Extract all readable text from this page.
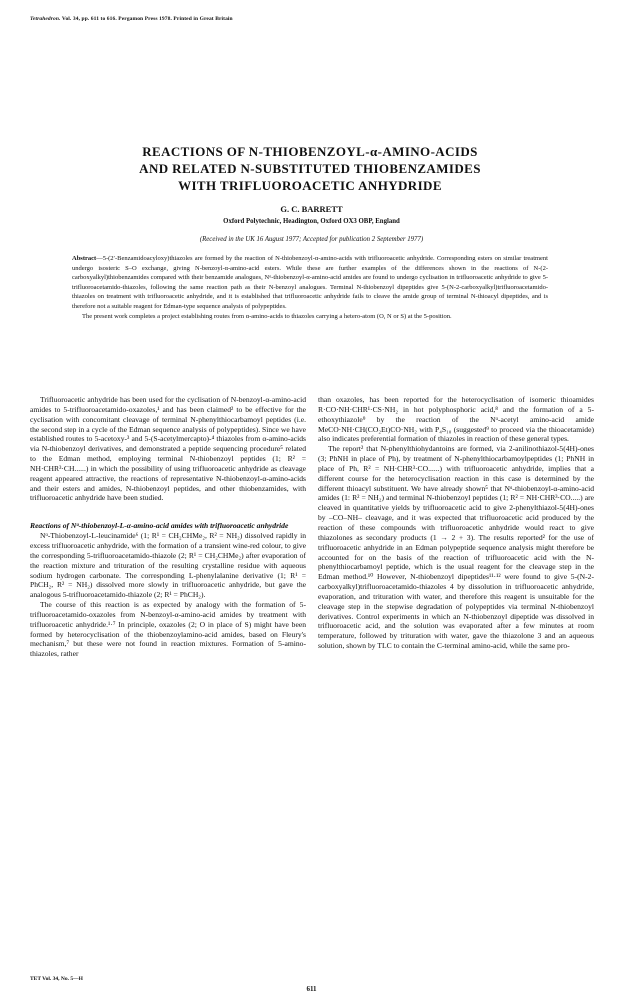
Tetrahedron. Vol. 34, pp. 611 to 616. Pergamon Press 1978. Printed in Great Britain
REACTIONS OF N-THIOBENZOYL-α-AMINO-ACIDS
AND RELATED N-SUBSTITUTED THIOBENZAMIDES
WITH TRIFLUOROACETIC ANHYDRIDE
G. C. BARRETT
Oxford Polytechnic, Headington, Oxford OX3 OBP, England
(Received in the UK 16 August 1977; Accepted for publication 2 September 1977)

Abstract—5-(2′-Benzamidoacyloxy)thiazoles are formed by the reaction of N-thiobenzoyl-α-amino-acids with trifluoroacetic anhydride. Corresponding esters on similar treatment undergo isosteric S–O exchange, giving N-benzoyl-α-amino-acid esters. While these are further examples of the differences shown in the reactions of N-(2-carboxyalkyl)thiobenzamides compared with their benzamide analogues, Nᵅ-thiobenzoyl-α-amino-acid amides are found to undergo cyclisation in trifluoroacetic anhydride to give 5-trifluoroacetamido-thiazoles, following the same reaction path as their N-benzoyl analogues. Terminal N-thiobenzoyl dipeptides give 5-(N-2-carboxyalkyl)trifluoroacetamido-thiazoles on treatment with trifluoroacetic anhydride, and it is established that trifluoroacetic anhydride fails to cleave the amide group of terminal N-thioacyl dipeptides, and is therefore not a suitable reagent for Edman-type sequence analysis of polypeptides.

The present work completes a project establishing routes from α-amino-acids to thiazoles carrying a hetero-atom (O, N or S) at the 5-position.

Trifluoroacetic anhydride has been used for the cyclisation of N-benzoyl-α-amino-acid amides to 5-trifluoroacetamido-oxazoles,¹ and has been claimed² to be effective for the cyclisation with concomitant cleavage of terminal N-phenylthiocarbamoyl peptides (i.e. the second step in a cycle of the Edman sequence analysis of polypeptides). Since we have established routes to 5-acetoxy-³ and 5-(S-acetylmercapto)-⁴ thiazoles from α-amino-acids via N-thiobenzoyl derivatives, and demonstrated a peptide sequencing procedure⁵ related to the Edman method, employing terminal N-thiobenzoyl peptides (1; R² = NH·CHR³·CH......) in which the possibility of using trifluoroacetic anhydride as cleavage reagent appeared attractive, the reactions of representative N-thiobenzoyl-α-amino-acids and their esters and amides, N-thiobenzoyl peptides, and other thiobenzamides, with trifluoroacetic anhydride have been studied.

Reactions of Nᵅ-thiobenzoyl-L-α-amino-acid amides with trifluoroacetic anhydride

Nᵅ-Thiobenzoyl-L-leucinamide⁶ (1; R¹ = CH₂CHMe₂, R² = NH₂) dissolved rapidly in excess trifluoroacetic anhydride, with the formation of a transient wine-red colour, to give the corresponding 5-trifluoroacetamido-thiazole (2; R¹ = CH₂CHMe₂) after evaporation of the reaction mixture and trituration of the resulting crystalline residue with aqueous sodium hydrogen carbonate. The corresponding L-phenylalanine derivative (1; R¹ = PhCH₂, R² = NH₂) dissolved more slowly in trifluoroacetic anhydride, but gave the analogous 5-trifluoroacetamido-thiazole (2; R¹ = PhCH₂).

The course of this reaction is as expected by analogy with the formation of 5-trifluoroacetamido-oxazoles from N-benzoyl-α-amino-acid amides by treatment with trifluoroacetic anhydride.¹·⁷ In principle, oxazoles (2; O in place of S) might have been formed by heterocyclisation of the thiobenzoylamino-acid amides, based on Fleury's mechanism,⁷ but these were not found in reaction mixtures. Formation of 5-amino-thiazoles, rather

than oxazoles, has been reported for the heterocyclisation of isomeric thioamides R·CO·NH·CHR¹·CS·NH₂ in hot polyphosphoric acid,⁸ and the formation of a 5-ethoxythiazole⁹ by the reaction of the Nᵅ-acetyl amino-acid amide MeCO·NH·CH(CO₂Et)CO·NH₂ with P₄S₁₀ (suggested⁹ to proceed via the thioacetamide) also indicates preferential formation of thiazoles in reaction of these general types.

The report² that N-phenylthiohydantoins are formed, via 2-anilinothiazol-5(4H)-ones (3; PhNH in place of Ph), by treatment of N-phenylthiocarbamoylpeptides (1; PhNH in place of Ph, R² = NH·CHR³·CO......) with trifluoroacetic anhydride, implies that a different course for the heterocyclisation reaction in this case is determined by the different thioacyl substituent. We have already shown⁵ that Nᵅ-thiobenzoyl-α-amino-acid amides (1: R² = NH₂) and terminal N-thiobenzoyl peptides (1; R² = NH·CHR³·CO.....) are cleaved in quantitative yields by trifluoroacetic acid to give 2-phenylthiazol-5(4H)-ones by –CO–NH– cleavage, and it was expected that trifluoroacetic acid produced by the reaction of these compounds with trifluoroacetic anhydride would react to give thiazolones as secondary products (1 → 2 + 3). The results reported² for the use of trifluoroacetic anhydride in an Edman polypeptide sequence analysis might therefore be accounted for on the basis of the reaction of trifluoroacetic acid with the N-phenylthiocarbamoyl peptide, which is the usual reagent for the cleavage step in the Edman method.¹⁰ However, N-thiobenzoyl dipeptides¹¹·¹² were found to give 5-(N-2-carboxyalkyl)trifluoroacetamido-thiazoles 4 by dissolution in trifluoroacetic anhydride, evaporation, and trituration with water, and therefore this reagent is unsuitable for the cleavage step in the stepwise degradation of polypeptides via terminal N-thiobenzoyl derivatives. Control experiments in which an N-thiobenzoyl dipeptide was dissolved in trifluoroacetic acid, and the solution was evaporated after a few minutes at room temperature, followed by trituration with water, gave the thiazolone 3 and an aqueous solution, shown by TLC to contain the C-terminal amino-acid, while the same pro-

TET Vol. 34, No. 5—H
611
